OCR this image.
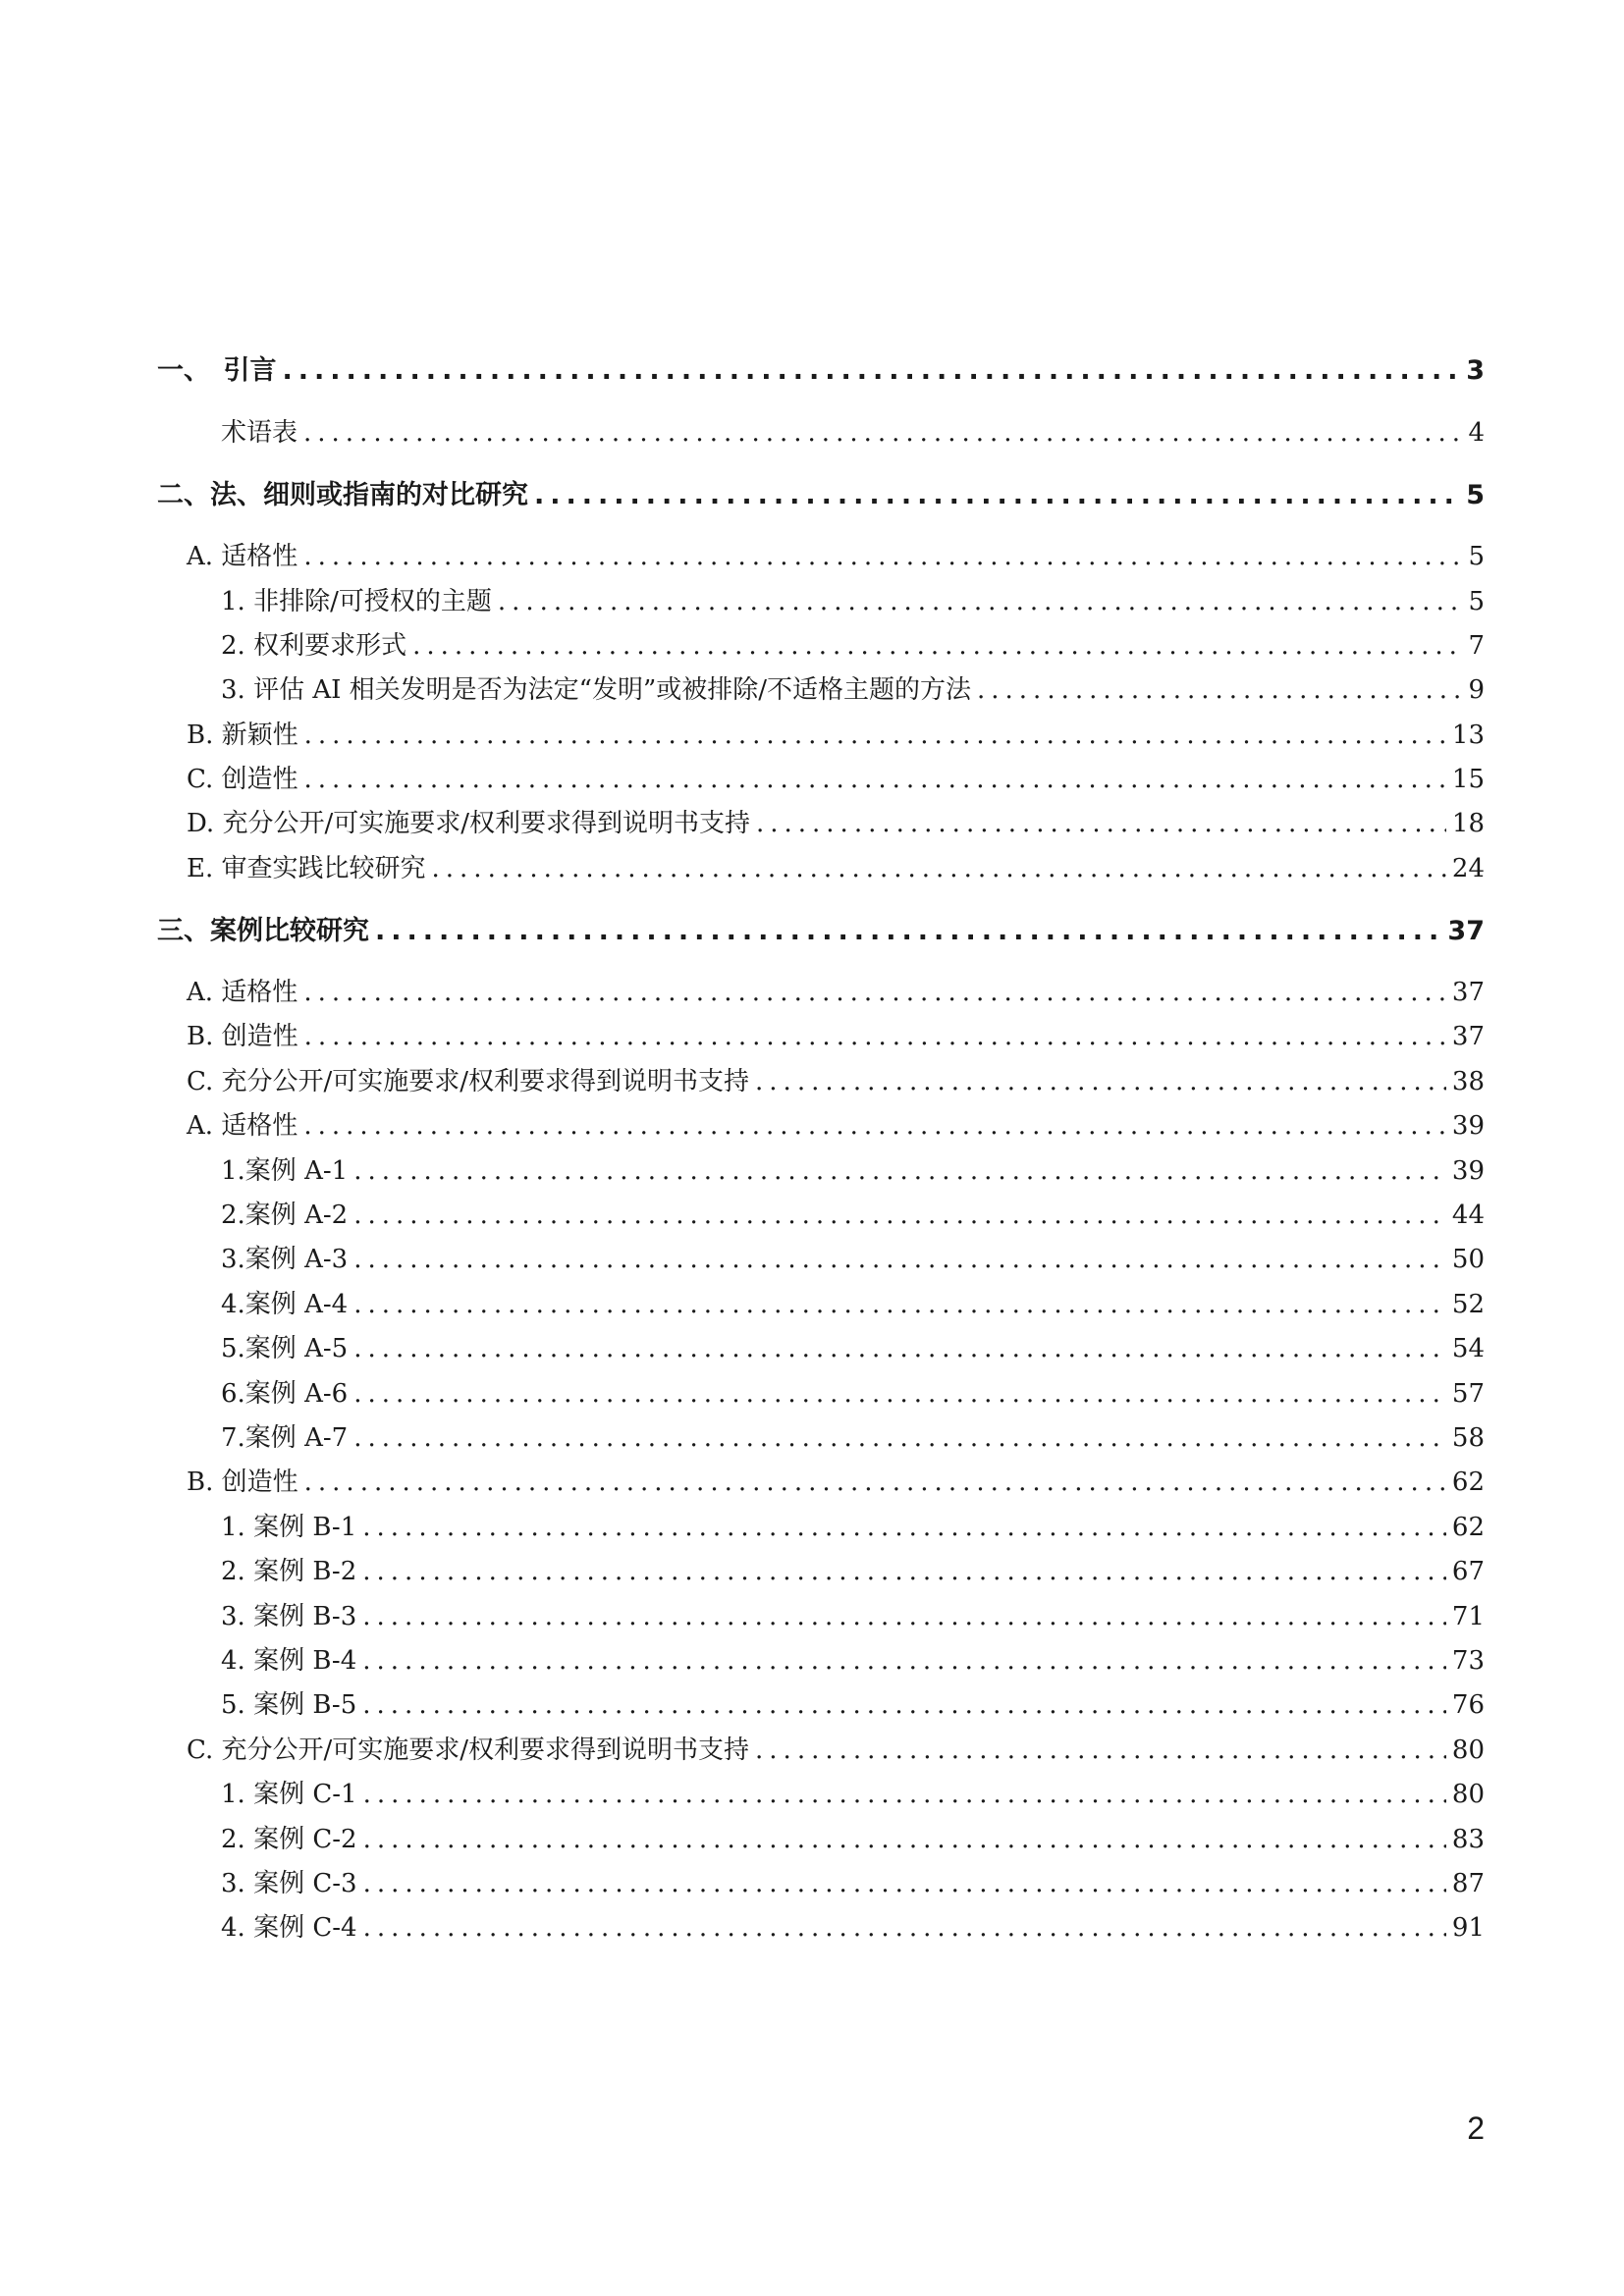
一、　引言 .....	3
术语表 .....	4
二、法、细则或指南的对比研究 .....	5
A. 适格性 .....	5
1. 非排除/可授权的主题 .....	5
2. 权利要求形式 .....	7
3. 评估 AI 相关发明是否为法定“发明”或被排除/不适格主题的方法 .....	9
B. 新颖性 .....	13
C. 创造性 .....	15
D. 充分公开/可实施要求/权利要求得到说明书支持 .....	18
E. 审查实践比较研究 .....	24
三、案例比较研究 .....	37
A. 适格性 .....	37
B. 创造性 .....	37
C. 充分公开/可实施要求/权利要求得到说明书支持 .....	38
A. 适格性 .....	39
1.案例 A-1 .....	39
2.案例 A-2 .....	44
3.案例 A-3 .....	50
4.案例 A-4 .....	52
5.案例 A-5 .....	54
6.案例 A-6 .....	57
7.案例 A-7 .....	58
B. 创造性 .....	62
1. 案例 B-1 .....	62
2. 案例 B-2 .....	67
3. 案例 B-3 .....	71
4. 案例 B-4 .....	73
5. 案例 B-5 .....	76
C. 充分公开/可实施要求/权利要求得到说明书支持 .....	80
1. 案例 C-1 .....	80
2. 案例 C-2 .....	83
3. 案例 C-3 .....	87
4. 案例 C-4 .....	91
2
